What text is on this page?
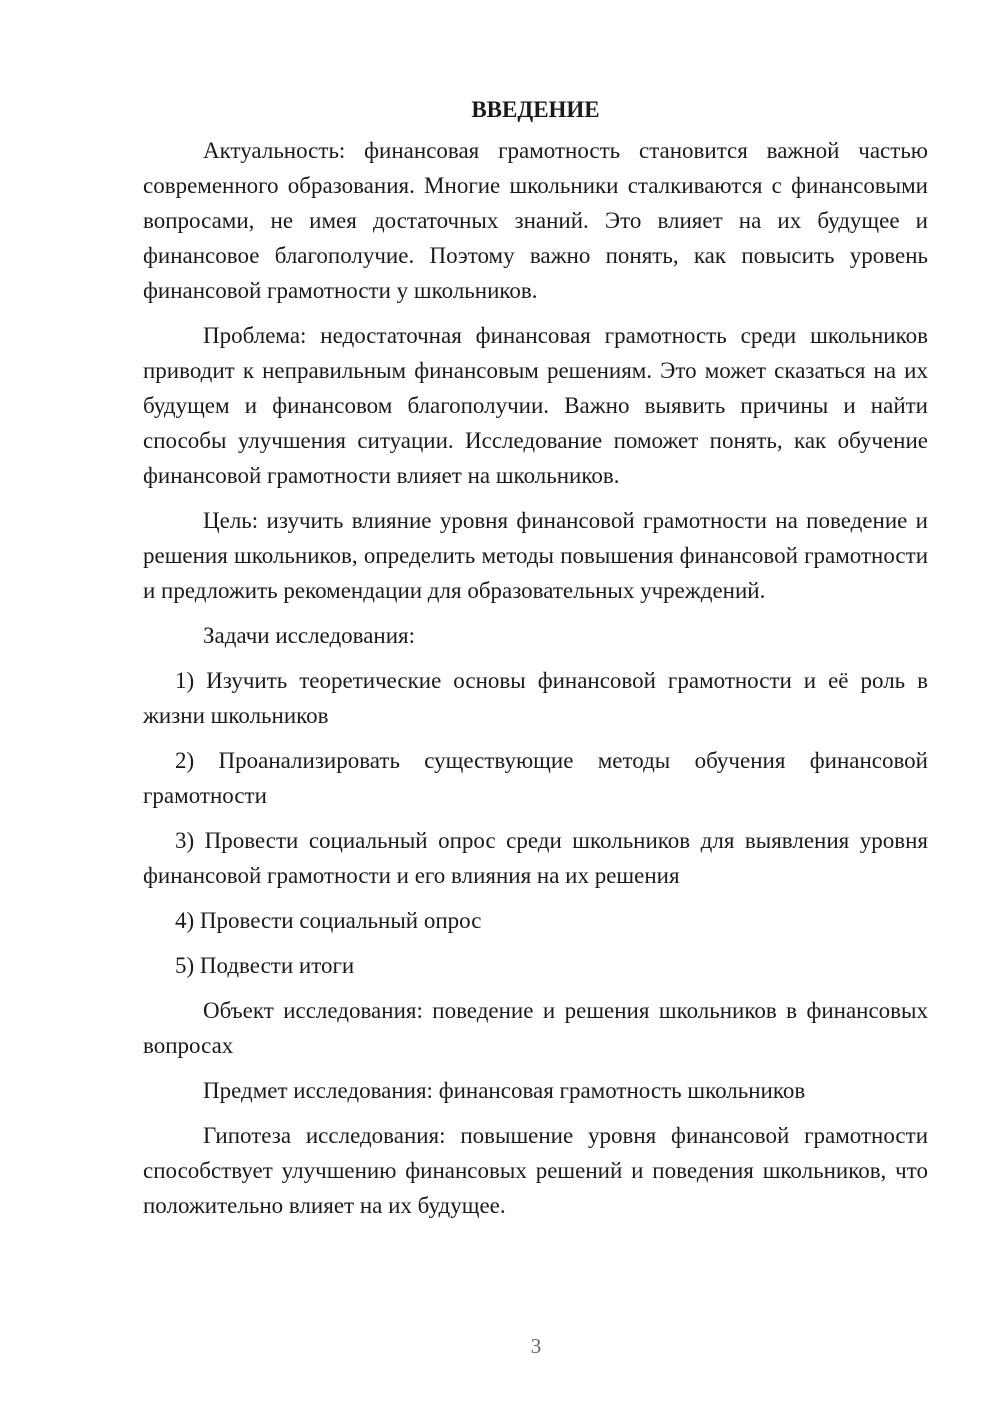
ВВЕДЕНИЕ

Актуальность: финансовая грамотность становится важной частью современного образования. Многие школьники сталкиваются с финансовыми вопросами, не имея достаточных знаний. Это влияет на их будущее и финансовое благополучие. Поэтому важно понять, как повысить уровень финансовой грамотности у школьников.

Проблема: недостаточная финансовая грамотность среди школьников приводит к неправильным финансовым решениям. Это может сказаться на их будущем и финансовом благополучии. Важно выявить причины и найти способы улучшения ситуации. Исследование поможет понять, как обучение финансовой грамотности влияет на школьников.

Цель: изучить влияние уровня финансовой грамотности на поведение и решения школьников, определить методы повышения финансовой грамотности и предложить рекомендации для образовательных учреждений.

Задачи исследования:

1) Изучить теоретические основы финансовой грамотности и её роль в жизни школьников

2) Проанализировать существующие методы обучения финансовой грамотности

3) Провести социальный опрос среди школьников для выявления уровня финансовой грамотности и его влияния на их решения

4) Провести социальный опрос

5) Подвести итоги

Объект исследования: поведение и решения школьников в финансовых вопросах

Предмет исследования: финансовая грамотность школьников

Гипотеза исследования: повышение уровня финансовой грамотности способствует улучшению финансовых решений и поведения школьников, что положительно влияет на их будущее.

3
